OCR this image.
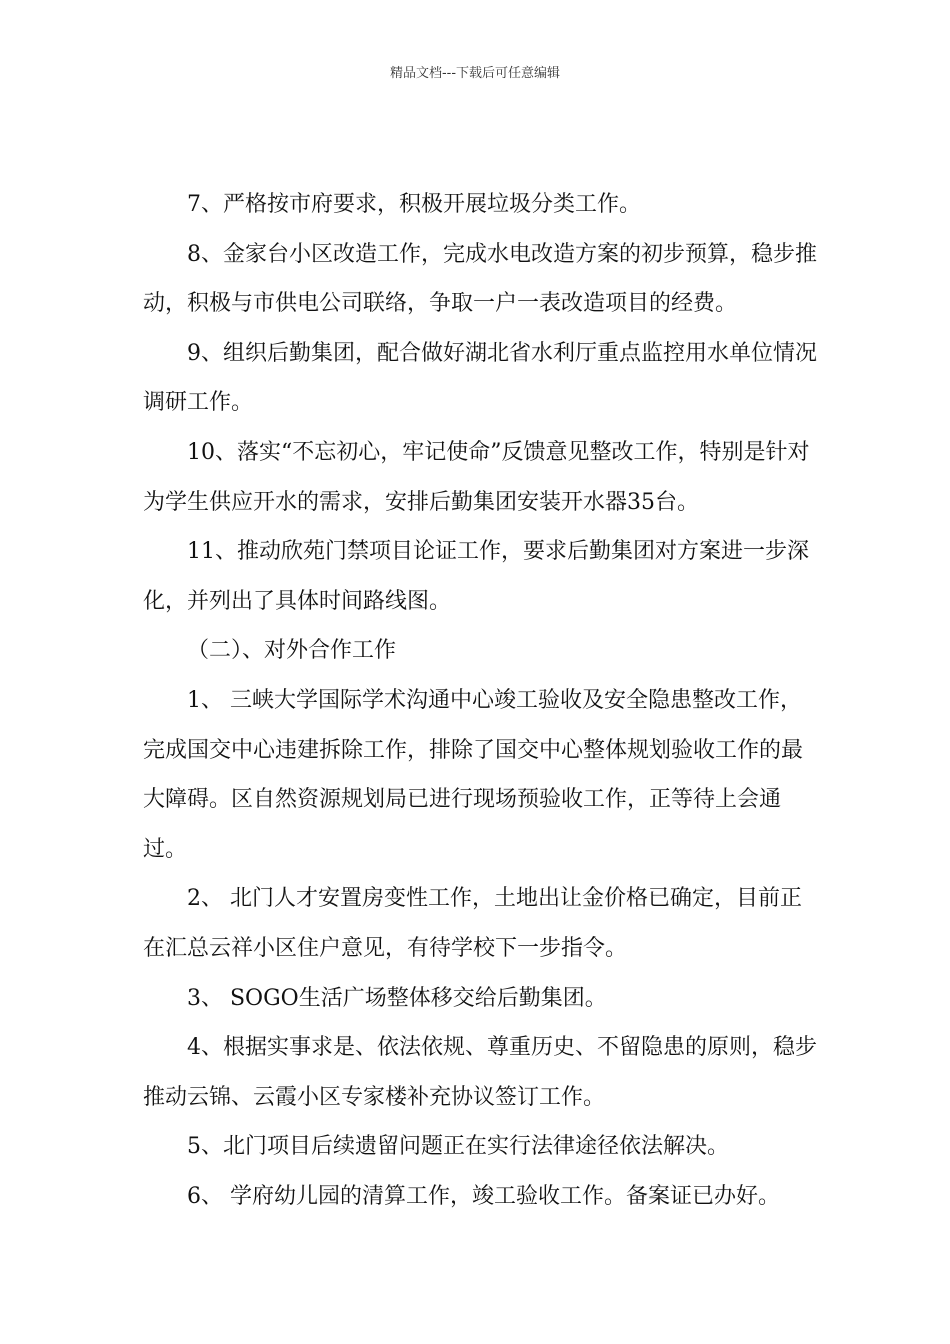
精品文档---下载后可任意编辑

7、严格按市府要求，积极开展垃圾分类工作。

8、金家台小区改造工作，完成水电改造方案的初步预算，稳步推动，积极与市供电公司联络，争取一户一表改造项目的经费。

9、组织后勤集团，配合做好湖北省水利厅重点监控用水单位情况调研工作。

10、落实“不忘初心，牢记使命”反馈意见整改工作，特别是针对为学生供应开水的需求，安排后勤集团安装开水器35台。

11、推动欣苑门禁项目论证工作，要求后勤集团对方案进一步深化，并列出了具体时间路线图。

（二）、对外合作工作

1、 三峡大学国际学术沟通中心竣工验收及安全隐患整改工作，完成国交中心违建拆除工作，排除了国交中心整体规划验收工作的最大障碍。区自然资源规划局已进行现场预验收工作，正等待上会通过。

2、 北门人才安置房变性工作，土地出让金价格已确定，目前正在汇总云祥小区住户意见，有待学校下一步指令。

3、 SOGO生活广场整体移交给后勤集团。

4、根据实事求是、依法依规、尊重历史、不留隐患的原则，稳步推动云锦、云霞小区专家楼补充协议签订工作。

5、北门项目后续遗留问题正在实行法律途径依法解决。

6、 学府幼儿园的清算工作，竣工验收工作。备案证已办好。
